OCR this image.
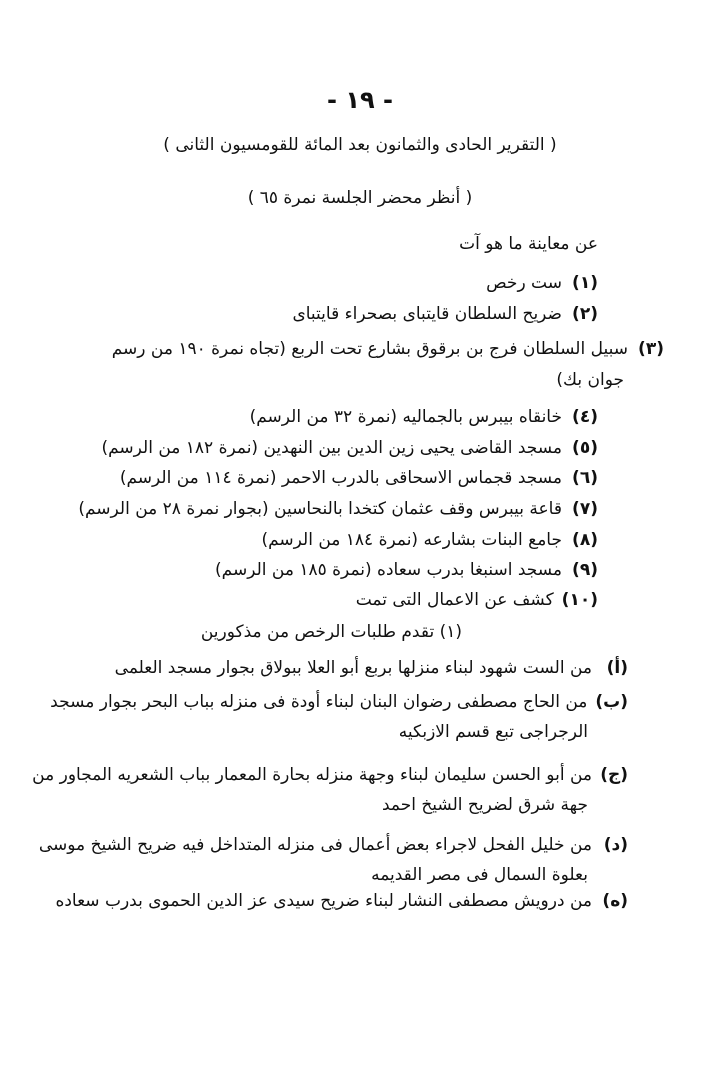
- ١٩ -
( التقرير الحادى والثمانون بعد المائة للقومسيون الثانى )
( أنظر محضر الجلسة نمرة ٦٥ )
عن معاينة ما هو آت
(١)ست رخص
(٢)ضريح السلطان قايتباى بصحراء قايتباى
(٣)سبيل السلطان فرج بن برقوق بشارع تحت الربع (تجاه نمرة ١٩٠ من رسم
جوان بك)
(٤)خانقاه بيبرس بالجماليه (نمرة ٣٢ من الرسم)
(٥)مسجد القاضى يحيى زين الدين بين النهدين (نمرة ١٨٢ من الرسم)
(٦)مسجد قجماس الاسحاقى بالدرب الاحمر (نمرة ١١٤ من الرسم)
(٧)قاعة بيبرس وقف عثمان كتخدا بالنحاسين (بجوار نمرة ٢٨ من الرسم)
(٨)جامع البنات بشارعه (نمرة ١٨٤ من الرسم)
(٩)مسجد اسنبغا بدرب سعاده (نمرة ١٨٥ من الرسم)
(١٠)كشف عن الاعمال التى تمت
(١) تقدم طلبات الرخص من مذكورين
(أ)من الست شهود لبناء منزلها بربع أبو العلا ببولاق بجوار مسجد العلمى
(ب)من الحاج مصطفى رضوان البنان لبناء أودة فى منزله بباب البحر بجوار مسجد
الرجراجى تبع قسم الازبكيه
(ج)من أبو الحسن سليمان لبناء وجهة منزله بحارة المعمار بباب الشعريه المجاور من
جهة شرق لضريح الشيخ احمد
(د)من خليل الفحل لاجراء بعض أعمال فى منزله المتداخل فيه ضريح الشيخ موسى
بعلوة السمال فى مصر القديمه
(ه)من درويش مصطفى النشار لبناء ضريح سيدى عز الدين الحموى بدرب سعاده
